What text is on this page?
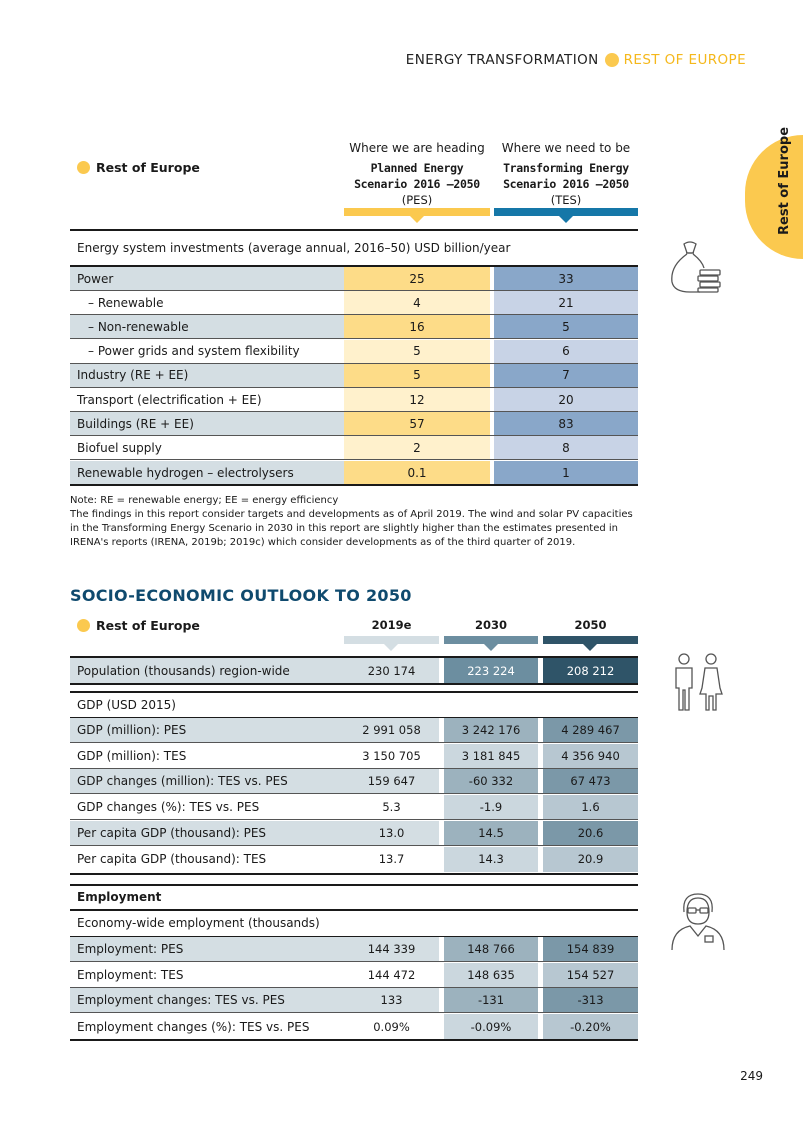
ENERGY TRANSFORMATION REST OF EUROPE
Rest of Europe
Rest of Europe
Where we are heading
Planned Energy
Scenario 2016 –2050
(PES)
Where we need to be
Transforming Energy
Scenario 2016 –2050
(TES)
Energy system investments (average annual, 2016–50) USD billion/year
Power	25	33
– Renewable	4	21
– Non-renewable	16	5
– Power grids and system flexibility	5	6
Industry (RE + EE)	5	7
Transport (electrification + EE)	12	20
Buildings (RE + EE)	57	83
Biofuel supply	2	8
Renewable hydrogen – electrolysers	0.1	1
Note: RE = renewable energy; EE = energy efficiency
The findings in this report consider targets and developments as of April 2019. The wind and solar PV capacities in the Transforming Energy Scenario in 2030 in this report are slightly higher than the estimates presented in IRENA's reports (IRENA, 2019b; 2019c) which consider developments as of the third quarter of 2019.
SOCIO-ECONOMIC OUTLOOK TO 2050
Rest of Europe	2019e	2030	2050
Population (thousands) region-wide	230 174	223 224	208 212
GDP (USD 2015)
GDP (million): PES	2 991 058	3 242 176	4 289 467
GDP (million): TES	3 150 705	3 181 845	4 356 940
GDP changes (million): TES vs. PES	159 647	-60 332	67 473
GDP changes (%): TES vs. PES	5.3	-1.9	1.6
Per capita GDP (thousand): PES	13.0	14.5	20.6
Per capita GDP (thousand): TES	13.7	14.3	20.9
Employment
Economy-wide employment (thousands)
Employment: PES	144 339	148 766	154 839
Employment: TES	144 472	148 635	154 527
Employment changes: TES vs. PES	133	-131	-313
Employment changes (%): TES vs. PES	0.09%	-0.09%	-0.20%
249
